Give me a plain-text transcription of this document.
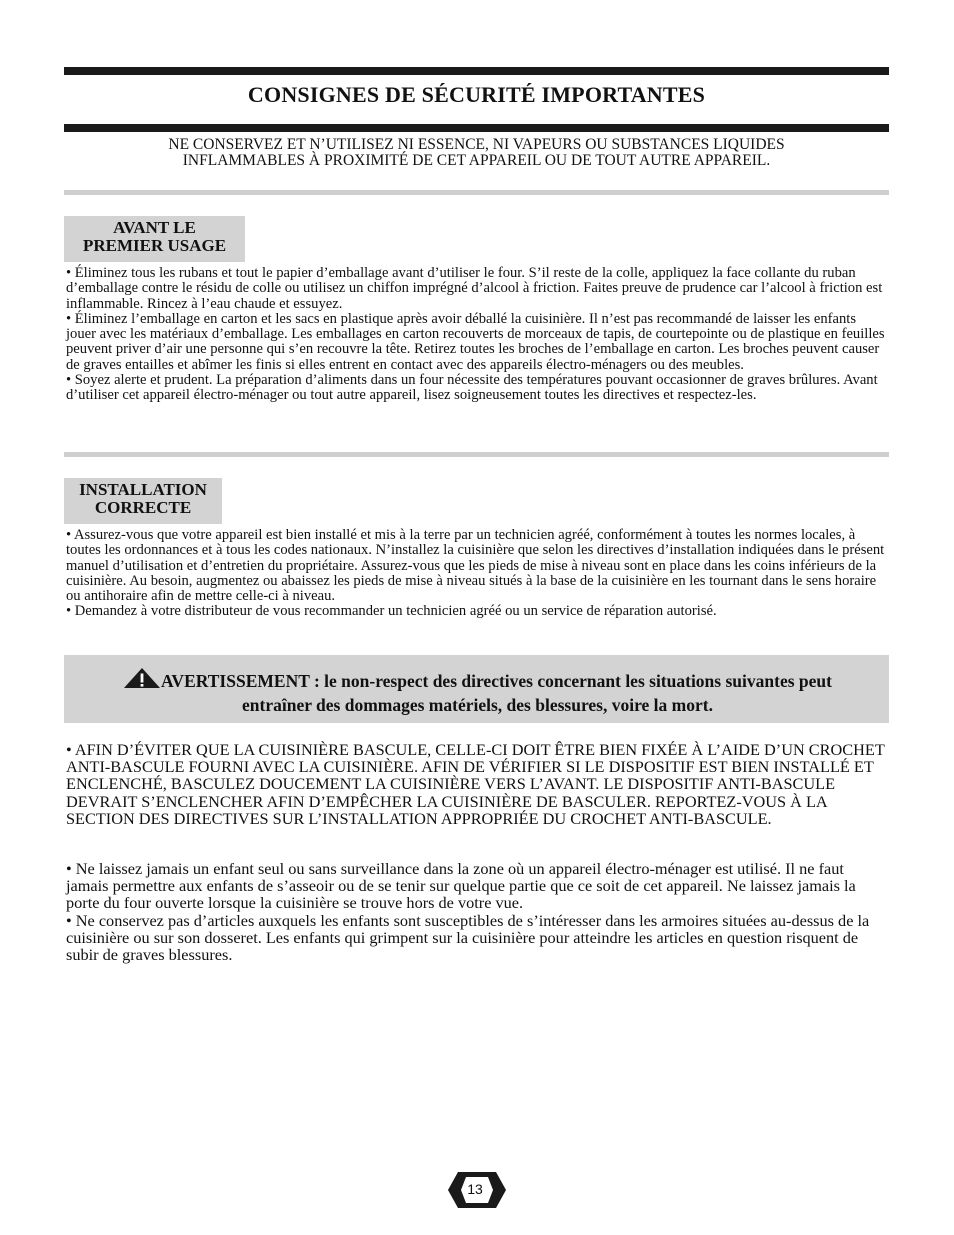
CONSIGNES DE SÉCURITÉ IMPORTANTES
NE CONSERVEZ ET N’UTILISEZ NI ESSENCE, NI VAPEURS OU SUBSTANCES LIQUIDES
INFLAMMABLES À PROXIMITÉ DE CET APPAREIL OU DE TOUT AUTRE APPAREIL.
AVANT LE
PREMIER USAGE

• Éliminez tous les rubans et tout le papier d’emballage avant d’utiliser le four. S’il reste de la colle, appliquez la face collante du ruban d’emballage contre le résidu de colle ou utilisez un chiffon imprégné d’alcool à friction. Faites preuve de prudence car l’alcool à friction est inflammable. Rincez à l’eau chaude et essuyez.

• Éliminez l’emballage en carton et les sacs en plastique après avoir déballé la cuisinière. Il n’est pas recommandé de laisser les enfants jouer avec les matériaux d’emballage. Les emballages en carton recouverts de morceaux de tapis, de courtepointe ou de plastique en feuilles peuvent priver d’air une personne qui s’en recouvre la tête. Retirez toutes les broches de l’emballage en carton. Les broches peuvent causer de graves entailles et abîmer les finis si elles entrent en contact avec des appareils électro-ménagers ou des meubles.

• Soyez alerte et prudent. La préparation d’aliments dans un four nécessite des températures pouvant occasionner de graves brûlures. Avant d’utiliser cet appareil électro-ménager ou tout autre appareil, lisez soigneusement toutes les directives et respectez-les.

INSTALLATION
CORRECTE

• Assurez-vous que votre appareil est bien installé et mis à la terre par un technicien agréé, conformément à toutes les normes locales, à toutes les ordonnances et à tous les codes nationaux. N’installez la cuisinière que selon les directives d’installation indiquées dans le présent manuel d’utilisation et d’entretien du propriétaire. Assurez-vous que les pieds de mise à niveau sont en place dans les coins inférieurs de la cuisinière. Au besoin, augmentez ou abaissez les pieds de mise à niveau situés à la base de la cuisinière en les tournant dans le sens horaire ou antihoraire afin de mettre celle-ci à niveau.

• Demandez à votre distributeur de vous recommander un technicien agréé ou un service de réparation autorisé.

AVERTISSEMENT : le non-respect des directives concernant les situations suivantes peut
entraîner des dommages matériels, des blessures, voire la mort.

• AFIN D’ÉVITER QUE LA CUISINIÈRE BASCULE, CELLE-CI DOIT ÊTRE BIEN FIXÉE À L’AIDE D’UN CROCHET ANTI-BASCULE FOURNI AVEC LA CUISINIÈRE. AFIN DE VÉRIFIER SI LE DISPOSITIF EST BIEN INSTALLÉ ET ENCLENCHÉ, BASCULEZ DOUCEMENT LA CUISINIÈRE VERS L’AVANT. LE DISPOSITIF ANTI-BASCULE DEVRAIT S’ENCLENCHER AFIN D’EMPÊCHER LA CUISINIÈRE DE BASCULER. REPORTEZ-VOUS À LA SECTION DES DIRECTIVES SUR L’INSTALLATION APPROPRIÉE DU CROCHET ANTI-BASCULE.

• Ne laissez jamais un enfant seul ou sans surveillance dans la zone où un appareil électro-ménager est utilisé. Il ne faut jamais permettre aux enfants de s’asseoir ou de se tenir sur quelque partie que ce soit de cet appareil. Ne laissez jamais la porte du four ouverte lorsque la cuisinière se trouve hors de votre vue.

• Ne conservez pas d’articles auxquels les enfants sont susceptibles de s’intéresser dans les armoires situées au-dessus de la cuisinière ou sur son dosseret. Les enfants qui grimpent sur la cuisinière pour atteindre les articles en question risquent de subir de graves blessures.

13
